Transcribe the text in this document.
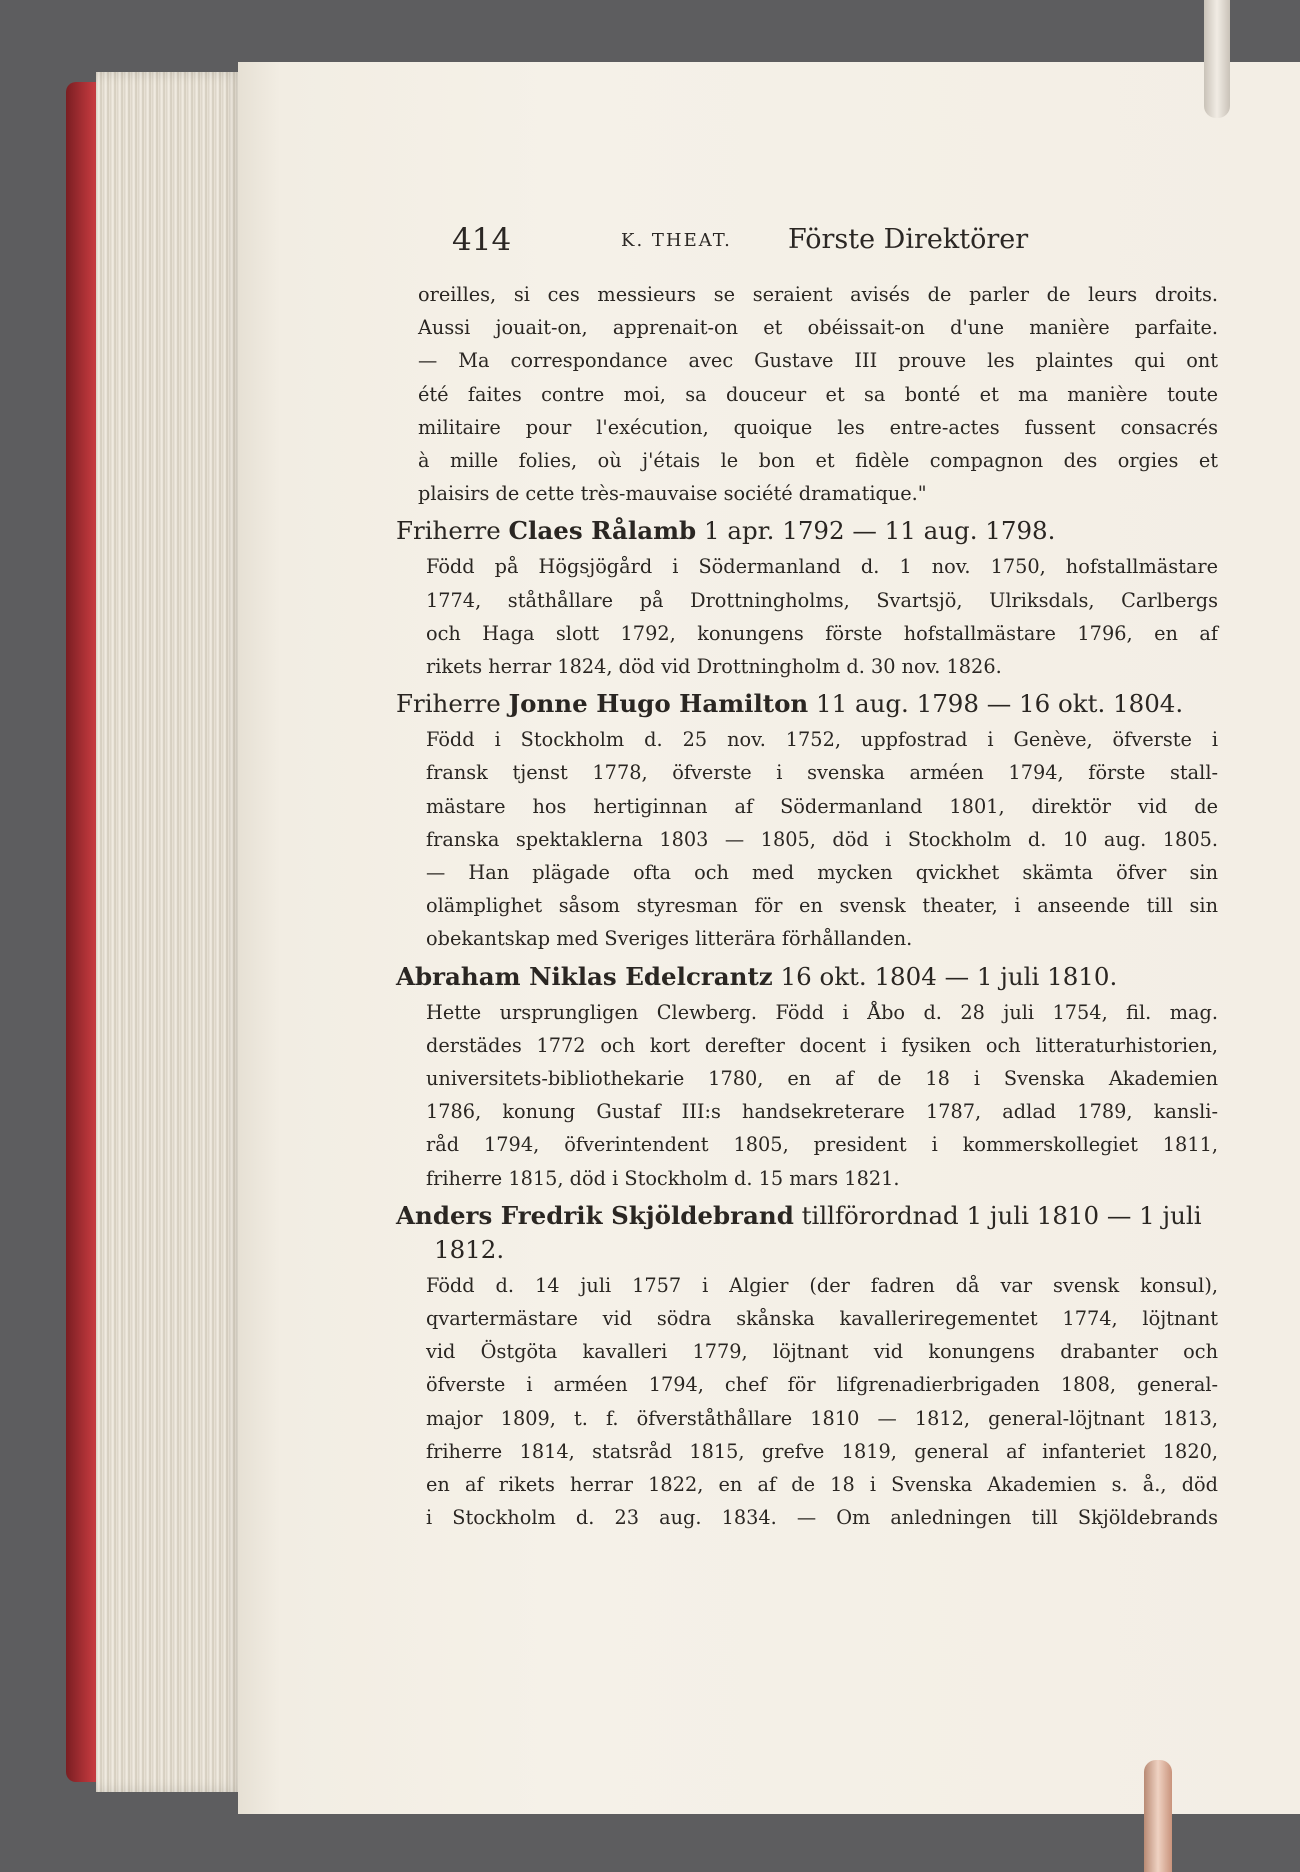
414	K. THEAT. Förste Direktörer

oreilles, si ces messieurs se seraient avisés de parler de leurs droits.

Aussi jouait-on, apprenait-on et obéissait-on d'une manière parfaite.

— Ma correspondance avec Gustave III prouve les plaintes qui ont

été faites contre moi, sa douceur et sa bonté et ma manière toute

militaire pour l'exécution, quoique les entre-actes fussent consacrés

à mille folies, où j'étais le bon et fidèle compagnon des orgies et

plaisirs de cette très-mauvaise société dramatique."

Friherre Claes Rålamb 1 apr. 1792 — 11 aug. 1798.

Född på Högsjögård i Södermanland d. 1 nov. 1750, hofstallmästare

1774, ståthållare på Drottningholms, Svartsjö, Ulriksdals, Carlbergs

och Haga slott 1792, konungens förste hofstallmästare 1796, en af

rikets herrar 1824, död vid Drottningholm d. 30 nov. 1826.

Friherre Jonne Hugo Hamilton 11 aug. 1798 — 16 okt. 1804.

Född i Stockholm d. 25 nov. 1752, uppfostrad i Genève, öfverste i

fransk tjenst 1778, öfverste i svenska arméen 1794, förste stall-

mästare hos hertiginnan af Södermanland 1801, direktör vid de

franska spektaklerna 1803 — 1805, död i Stockholm d. 10 aug. 1805.

— Han plägade ofta och med mycken qvickhet skämta öfver sin

olämplighet såsom styresman för en svensk theater, i anseende till sin

obekantskap med Sveriges litterära förhållanden.

Abraham Niklas Edelcrantz 16 okt. 1804 — 1 juli 1810.

Hette ursprungligen Clewberg. Född i Åbo d. 28 juli 1754, fil. mag.

derstädes 1772 och kort derefter docent i fysiken och litteraturhistorien,

universitets-bibliothekarie 1780, en af de 18 i Svenska Akademien

1786, konung Gustaf III:s handsekreterare 1787, adlad 1789, kansli-

råd 1794, öfverintendent 1805, president i kommerskollegiet 1811,

friherre 1815, död i Stockholm d. 15 mars 1821.

Anders Fredrik Skjöldebrand tillförordnad 1 juli 1810 — 1 juli
1812.

Född d. 14 juli 1757 i Algier (der fadren då var svensk konsul),

qvartermästare vid södra skånska kavalleriregementet 1774, löjtnant

vid Östgöta kavalleri 1779, löjtnant vid konungens drabanter och

öfverste i arméen 1794, chef för lifgrenadierbrigaden 1808, general-

major 1809, t. f. öfverståthållare 1810 — 1812, general-löjtnant 1813,

friherre 1814, statsråd 1815, grefve 1819, general af infanteriet 1820,

en af rikets herrar 1822, en af de 18 i Svenska Akademien s. å., död

i Stockholm d. 23 aug. 1834. — Om anledningen till Skjöldebrands
